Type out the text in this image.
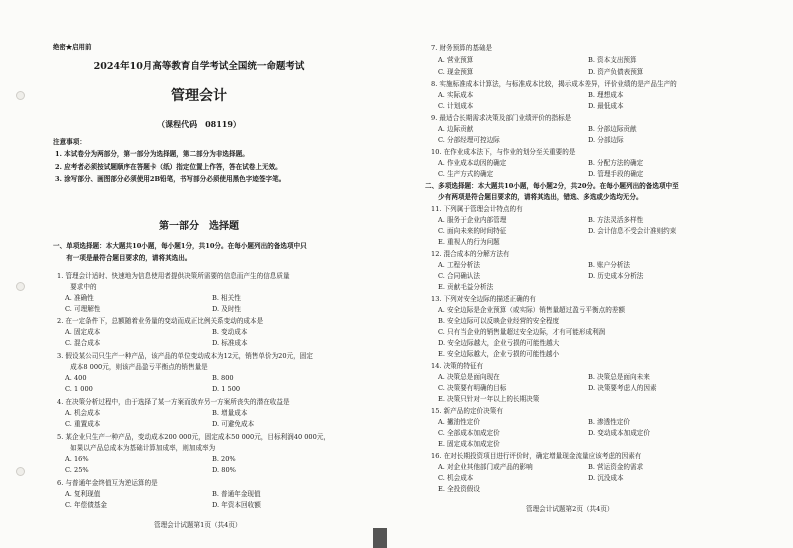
绝密★启用前
2024年10月高等教育自学考试全国统一命题考试
管理会计
（课程代码　08119）
注意事项：
1. 本试卷分为两部分，第一部分为选择题，第二部分为非选择题。
2. 应考者必须按试题顺序在答题卡（纸）指定位置上作答，答在试卷上无效。
3. 涂写部分、画图部分必须使用2B铅笔，书写部分必须使用黑色字迹签字笔。
第一部分　选择题
一、单项选择题：本大题共10小题，每小题1分，共10分。在每小题列出的备选项中只
　　有一项是最符合题目要求的，请将其选出。
1. 管理会计适时、快速地为信息使用者提供决策所需要的信息而产生的信息质量
　　要求中的
A. 准确性	B. 相关性
C. 可理解性	D. 及时性
2. 在一定条件下，总额随着业务量的变动而成正比例关系变动的成本是
A. 固定成本	B. 变动成本
C. 混合成本	D. 标准成本
3. 假设某公司只生产一种产品，该产品的单位变动成本为12元，销售单价为20元，固定
　　成本8 000元，则该产品盈亏平衡点的销售量是
A. 400	B. 800
C. 1 000	D. 1 500
4. 在决策分析过程中，由于选择了某一方案而放弃另一方案所丧失的潜在收益是
A. 机会成本	B. 增量成本
C. 重置成本	D. 可避免成本
5. 某企业只生产一种产品，变动成本200 000元，固定成本50 000元，目标利润40 000元，
　　如果以产品总成本为基础计算加成率，则加成率为
A. 16%	B. 20%
C. 25%	D. 80%
6. 与普通年金终值互为逆运算的是
A. 复利现值	B. 普通年金现值
C. 年偿债基金	D. 年资本回收额
管理会计试题第1页（共4页）
7. 财务预算的基础是
A. 营业预算	B. 资本支出预算
C. 现金预算	D. 资产负债表预算
8. 实施标准成本计算法，与标准成本比较，揭示成本差异，评价业绩的是产品生产的
A. 实际成本	B. 理想成本
C. 计划成本	D. 最低成本
9. 最适合长期需求决策及部门业绩评价的指标是
A. 边际贡献	B. 分部边际贡献
C. 分部经理可控边际	D. 分部边际
10. 在作业成本法下，与作业的划分至关重要的是
A. 作业成本动因的确定	B. 分配方法的确定
C. 生产方式的确定	D. 管理手段的确定
二、多项选择题：本大题共10小题，每小题2分，共20分。在每小题列出的备选项中至
　　少有两项是符合题目要求的，请将其选出，错选、多选或少选均无分。
11. 下列属于管理会计特点的有
A. 服务于企业内部管理	B. 方法灵活多样性
C. 面向未来的时间特征	D. 会计信息不受会计准则约束
E. 重视人的行为问题
12. 混合成本的分解方法有
A. 工程分析法	B. 账户分析法
C. 合同确认法	D. 历史成本分析法
E. 贡献毛益分析法
13. 下列对安全边际的描述正确的有
A. 安全边际是企业预算（或实际）销售量超过盈亏平衡点的差额
B. 安全边际可以反映企业经营的安全程度
C. 只有当企业的销售量超过安全边际，才有可能形成利润
D. 安全边际越大，企业亏损的可能性越大
E. 安全边际越大，企业亏损的可能性越小
14. 决策的特征有
A. 决策总是面向现在	B. 决策总是面向未来
C. 决策要有明确的目标	D. 决策要考虑人的因素
E. 决策只针对一年以上的长期决策
15. 新产品的定价决策有
A. 撇油性定价	B. 渗透性定价
C. 全部成本加成定价	D. 变动成本加成定价
E. 固定成本加成定价
16. 在对长期投资项目进行评价时，确定增量现金流量应该考虑的因素有
A. 对企业其他部门或产品的影响	B. 营运资金的需求
C. 机会成本	D. 沉没成本
E. 全投资假设
管理会计试题第2页（共4页）
